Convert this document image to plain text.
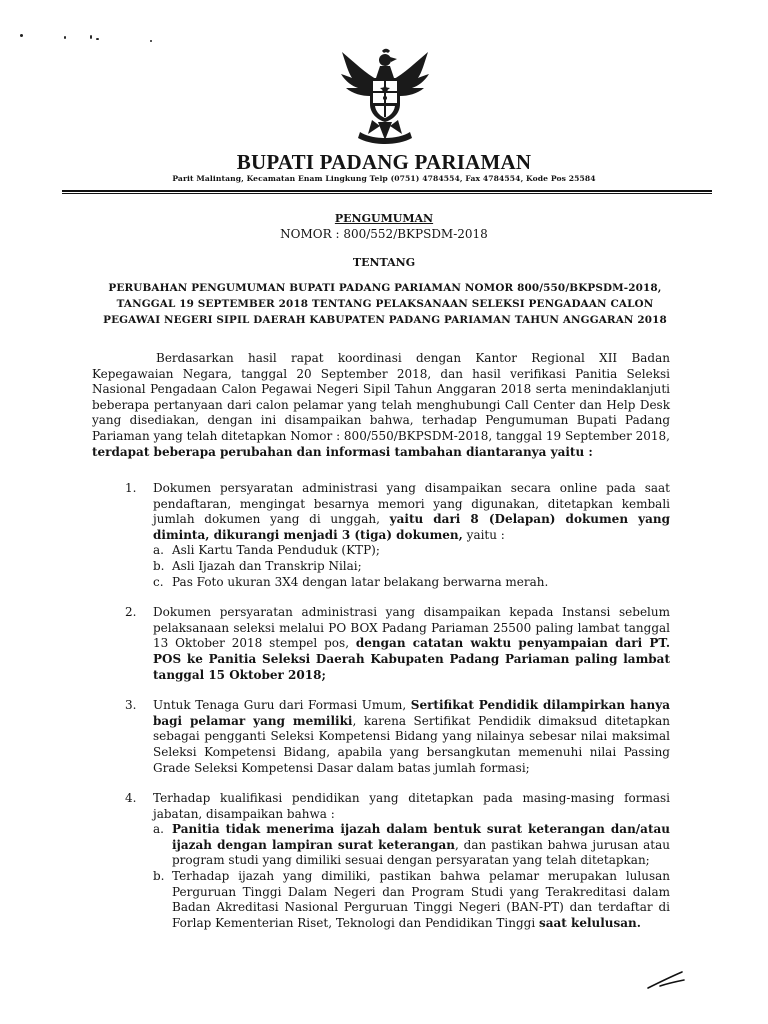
BUPATI PADANG PARIAMAN
Parit Malintang, Kecamatan Enam Lingkung Telp (0751) 4784554, Fax 4784554, Kode Pos 25584
PENGUMUMAN
NOMOR : 800/552/BKPSDM-2018
TENTANG
PERUBAHAN PENGUMUMAN BUPATI PADANG PARIAMAN NOMOR 800/550/BKPSDM-2018, TANGGAL 19 SEPTEMBER 2018 TENTANG PELAKSANAAN SELEKSI PENGADAAN CALON PEGAWAI NEGERI SIPIL DAERAH KABUPATEN PADANG PARIAMAN TAHUN ANGGARAN 2018
Berdasarkan hasil rapat koordinasi dengan Kantor Regional XII Badan Kepegawaian Negara, tanggal 20 September 2018, dan hasil verifikasi Panitia Seleksi Nasional Pengadaan Calon Pegawai Negeri Sipil Tahun Anggaran 2018 serta menindaklanjuti beberapa pertanyaan dari calon pelamar yang telah menghubungi Call Center dan Help Desk yang disediakan, dengan ini disampaikan bahwa, terhadap Pengumuman Bupati Padang Pariaman yang telah ditetapkan Nomor : 800/550/BKPSDM-2018, tanggal 19 September 2018, terdapat beberapa perubahan dan informasi tambahan diantaranya yaitu :
1. Dokumen persyaratan administrasi yang disampaikan secara online pada saat pendaftaran, mengingat besarnya memori yang digunakan, ditetapkan kembali jumlah dokumen yang di unggah, yaitu dari 8 (Delapan) dokumen yang diminta, dikurangi menjadi 3 (tiga) dokumen, yaitu :
a. Asli Kartu Tanda Penduduk (KTP);
b. Asli Ijazah dan Transkrip Nilai;
c. Pas Foto ukuran 3X4 dengan latar belakang berwarna merah.
2. Dokumen persyaratan administrasi yang disampaikan kepada Instansi sebelum pelaksanaan seleksi melalui PO BOX Padang Pariaman 25500 paling lambat tanggal 13 Oktober 2018 stempel pos, dengan catatan waktu penyampaian dari PT. POS ke Panitia Seleksi Daerah Kabupaten Padang Pariaman paling lambat tanggal 15 Oktober 2018;
3. Untuk Tenaga Guru dari Formasi Umum, Sertifikat Pendidik dilampirkan hanya bagi pelamar yang memiliki, karena Sertifikat Pendidik dimaksud ditetapkan sebagai pengganti Seleksi Kompetensi Bidang yang nilainya sebesar nilai maksimal Seleksi Kompetensi Bidang, apabila yang bersangkutan memenuhi nilai Passing Grade Seleksi Kompetensi Dasar dalam batas jumlah formasi;
4. Terhadap kualifikasi pendidikan yang ditetapkan pada masing-masing formasi jabatan, disampaikan bahwa :
a. Panitia tidak menerima ijazah dalam bentuk surat keterangan dan/atau ijazah dengan lampiran surat keterangan, dan pastikan bahwa jurusan atau program studi yang dimiliki sesuai dengan persyaratan yang telah ditetapkan;
b. Terhadap ijazah yang dimiliki, pastikan bahwa pelamar merupakan lulusan Perguruan Tinggi Dalam Negeri dan Program Studi yang Terakreditasi dalam Badan Akreditasi Nasional Perguruan Tinggi Negeri (BAN-PT) dan terdaftar di Forlap Kementerian Riset, Teknologi dan Pendidikan Tinggi saat kelulusan.
